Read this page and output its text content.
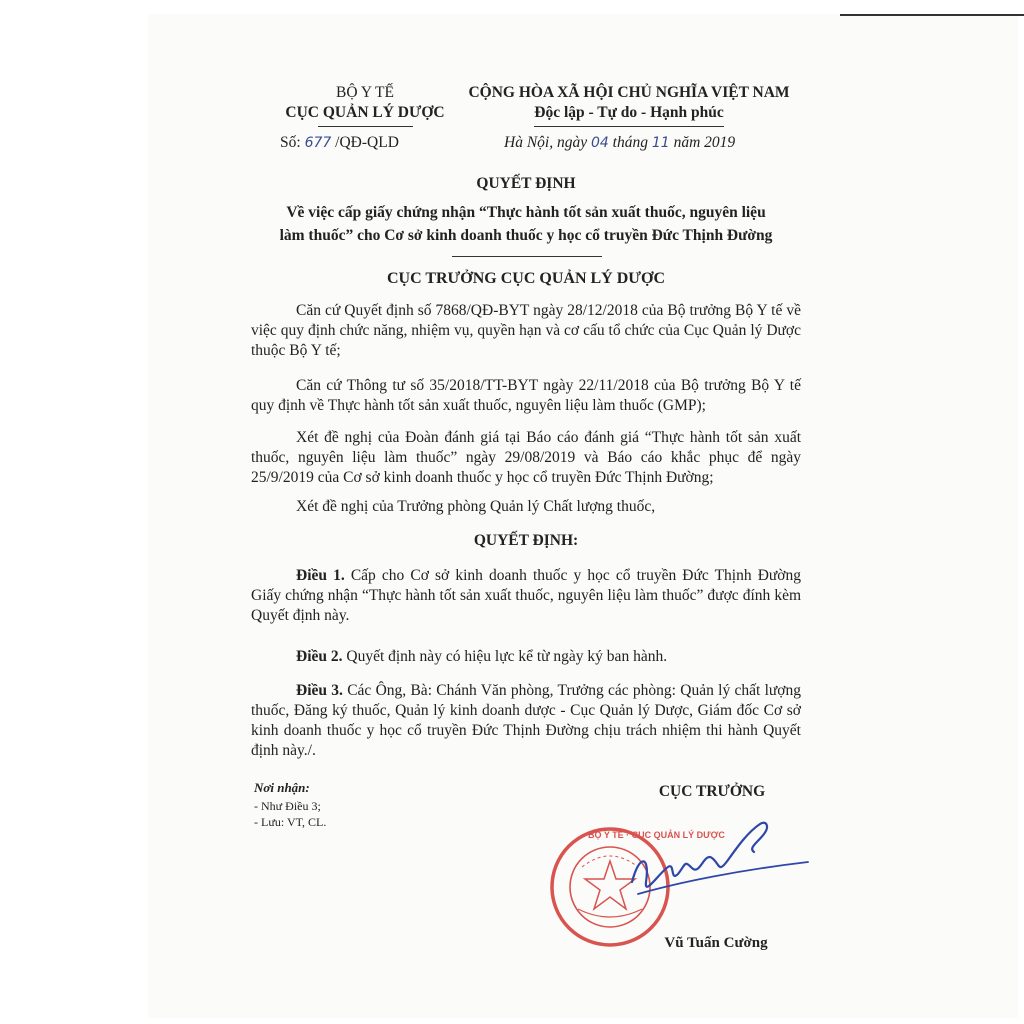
BỘ Y TẾ
CỤC QUẢN LÝ DƯỢC
Số: 677 /QĐ-QLD
CỘNG HÒA XÃ HỘI CHỦ NGHĨA VIỆT NAM
Độc lập - Tự do - Hạnh phúc
Hà Nội, ngày 04 tháng 11 năm 2019
QUYẾT ĐỊNH
Về việc cấp giấy chứng nhận “Thực hành tốt sản xuất thuốc, nguyên liệu
làm thuốc” cho Cơ sở kinh doanh thuốc y học cổ truyền Đức Thịnh Đường
CỤC TRƯỞNG CỤC QUẢN LÝ DƯỢC

Căn cứ Quyết định số 7868/QĐ-BYT ngày 28/12/2018 của Bộ trưởng Bộ Y tế về việc quy định chức năng, nhiệm vụ, quyền hạn và cơ cấu tổ chức của Cục Quản lý Dược thuộc Bộ Y tế;

Căn cứ Thông tư số 35/2018/TT-BYT ngày 22/11/2018 của Bộ trưởng Bộ Y tế quy định về Thực hành tốt sản xuất thuốc, nguyên liệu làm thuốc (GMP);

Xét đề nghị của Đoàn đánh giá tại Báo cáo đánh giá “Thực hành tốt sản xuất thuốc, nguyên liệu làm thuốc” ngày 29/08/2019 và Báo cáo khắc phục để ngày 25/9/2019 của Cơ sở kinh doanh thuốc y học cổ truyền Đức Thịnh Đường;

Xét đề nghị của Trưởng phòng Quản lý Chất lượng thuốc,

QUYẾT ĐỊNH:

Điều 1. Cấp cho Cơ sở kinh doanh thuốc y học cổ truyền Đức Thịnh Đường Giấy chứng nhận “Thực hành tốt sản xuất thuốc, nguyên liệu làm thuốc” được đính kèm Quyết định này.

Điều 2. Quyết định này có hiệu lực kể từ ngày ký ban hành.

Điều 3. Các Ông, Bà: Chánh Văn phòng, Trưởng các phòng: Quản lý chất lượng thuốc, Đăng ký thuốc, Quản lý kinh doanh dược - Cục Quản lý Dược, Giám đốc Cơ sở kinh doanh thuốc y học cổ truyền Đức Thịnh Đường chịu trách nhiệm thi hành Quyết định này./.

Nơi nhận:
- Như Điều 3;
- Lưu: VT, CL.
CỤC TRƯỞNG
BỘ Y TẾ · CỤC QUẢN LÝ DƯỢC
Vũ Tuấn Cường
